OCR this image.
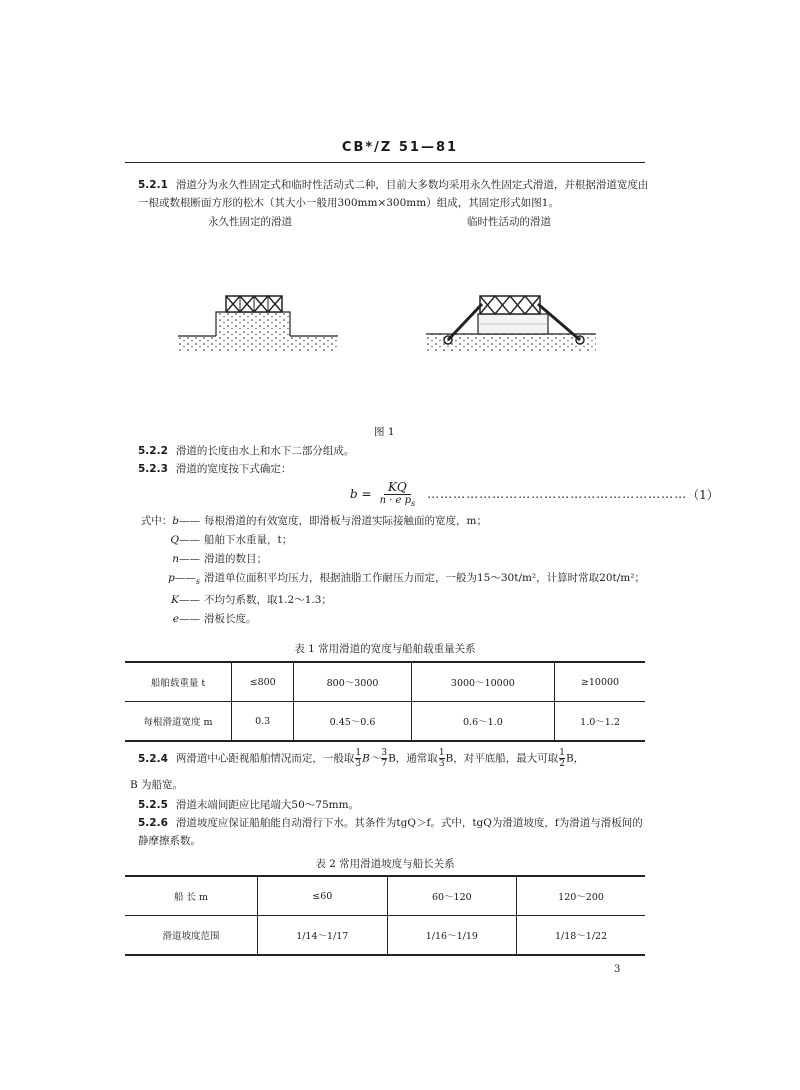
CB*/Z 51—81
5.2.1 滑道分为永久性固定式和临时性活动式二种，目前大多数均采用永久性固定式滑道，并根据滑道宽度由一根或数根断面方形的松木（其大小一般用300mm×300mm）组成，其固定形式如图1。
永久性固定的滑道	临时性活动的滑道
图 1
5.2.2 滑道的长度由水上和水下二部分组成。
5.2.3 滑道的宽度按下式确定：
$b = \frac{KQ}{n \cdot e p_s}$ …………………………………………………… （1）
式中：b—— 每根滑道的有效宽度，即滑板与滑道实际接触面的宽度，m；
Q—— 船舶下水重量，t；
n—— 滑道的数目；
$p——_s$ 滑道单位面积平均压力，根据油脂工作耐压力而定，一般为15～30t/m²，计算时常取20t/m²；
K—— 不均匀系数，取1.2～1.3；
e—— 滑板长度。
表 1 常用滑道的宽度与船舶载重量关系
船舶载重量 t	≤800	800～3000	3000～10000	≥10000
每根滑道宽度 m	0.3	0.45～0.6	0.6～1.0	1.0～1.2
5.2.4 两滑道中心距视船舶情况而定，一般取 $\frac{1}{3}$ B～ $\frac{3}{7}$ B，通常取 $\frac{1}{3}$ B，对平底船，最大可取 $\frac{1}{2}$ B，
B 为船宽。
5.2.5 滑道末端间距应比尾端大50～75mm。
5.2.6 滑道坡度应保证船舶能自动滑行下水。其条件为tgQ＞f。式中，tgQ为滑道坡度，f为滑道与滑板间的静摩擦系数。
表 2 常用滑道坡度与船长关系
船 长 m	≤60	60～120	120～200
滑道坡度范围	1/14～1/17	1/16～1/19	1/18～1/22
3
